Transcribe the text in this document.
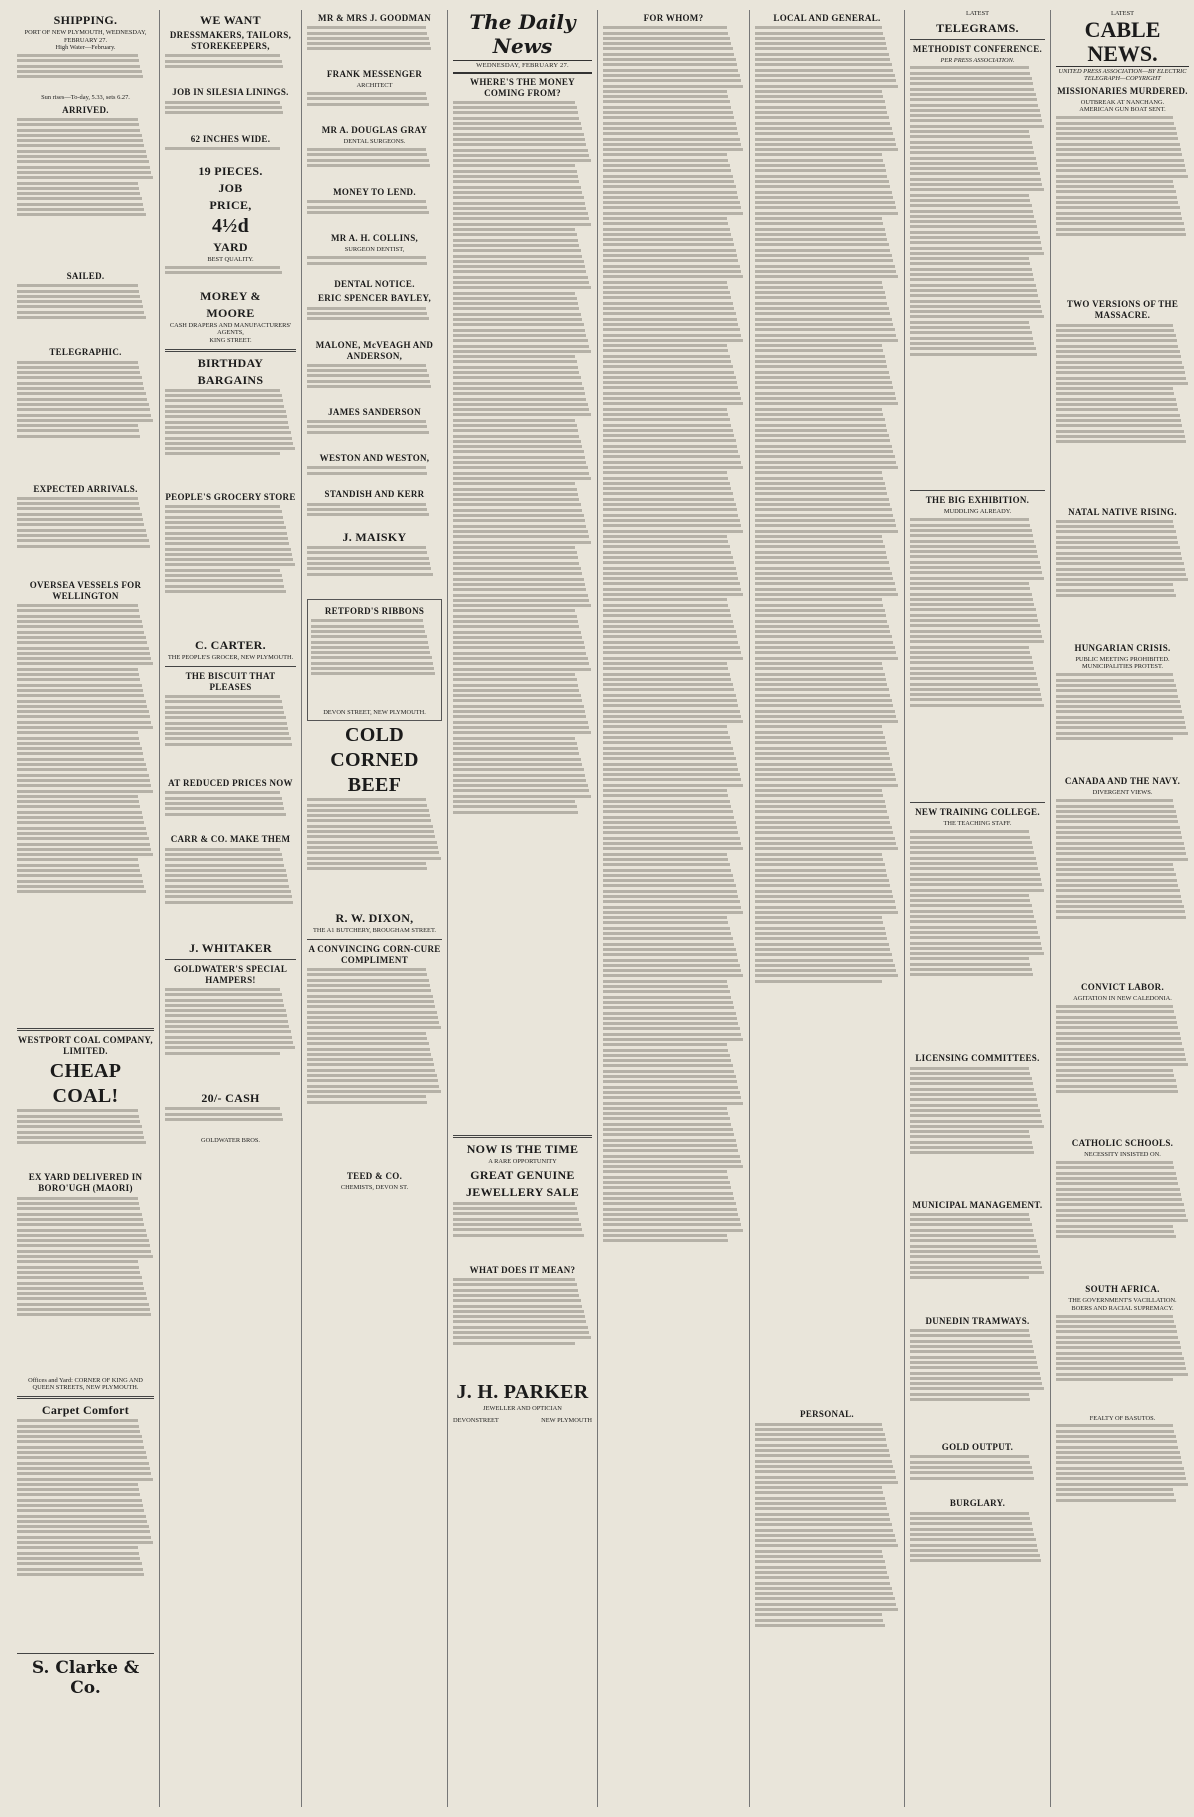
SHIPPING.
PORT OF NEW PLYMOUTH, WEDNESDAY, FEBRUARY 27.
High Water—February.
Sun rises—To-day, 5.33, sets 6.27.
ARRIVED.
SAILED.
TELEGRAPHIC.
EXPECTED ARRIVALS.
OVERSEA VESSELS FOR WELLINGTON
WESTPORT COAL COMPANY, LIMITED.
CHEAP
COAL!
EX YARD DELIVERED IN BORO'UGH (MAORI)
Offices and Yard: CORNER OF KING AND QUEEN STREETS, NEW PLYMOUTH.
Carpet Comfort
S. Clarke & Co.
WE WANT
DRESSMAKERS, TAILORS, STOREKEEPERS,
JOB IN SILESIA LININGS.
62 INCHES WIDE.
19 PIECES.
JOB
PRICE,
4½d
YARD
BEST QUALITY.
MOREY &
MOORE
CASH DRAPERS AND MANUFACTURERS' AGENTS,
KING STREET.
BIRTHDAY
BARGAINS
PEOPLE'S GROCERY STORE
C. CARTER.
THE PEOPLE'S GROCER, NEW PLYMOUTH.
THE BISCUIT THAT PLEASES
AT REDUCED PRICES NOW
CARR & CO. MAKE THEM
J. WHITAKER
GOLDWATER'S SPECIAL HAMPERS!
20/- CASH
GOLDWATER BROS.
MR & MRS J. GOODMAN
FRANK MESSENGER
ARCHITECT
MR A. DOUGLAS GRAY
DENTAL SURGEONS.
MONEY TO LEND.
MR A. H. COLLINS,
SURGEON DENTIST,
DENTAL NOTICE.
ERIC SPENCER BAYLEY,
MALONE, McVEAGH AND ANDERSON,
JAMES SANDERSON
WESTON AND WESTON,
STANDISH AND KERR
J. MAISKY
RETFORD'S RIBBONS
DEVON STREET, NEW PLYMOUTH.
COLD
CORNED
BEEF
R. W. DIXON,
THE A1 BUTCHERY, BROUGHAM STREET.
A CONVINCING CORN-CURE COMPLIMENT
TEED & CO.
CHEMISTS, DEVON ST.
The Daily News
WEDNESDAY, FEBRUARY 27.
WHERE'S THE MONEY COMING FROM?
NOW IS THE TIME
A RARE OPPORTUNITY
GREAT GENUINE
JEWELLERY SALE
WHAT DOES IT MEAN?
J. H. PARKER
JEWELLER AND OPTICIAN
DEVONSTREET	NEW PLYMOUTH
FOR WHOM?	LOCAL AND GENERAL.
PERSONAL.
LATEST
TELEGRAMS.
METHODIST CONFERENCE.
PER PRESS ASSOCIATION.
THE BIG EXHIBITION.
MUDDLING ALREADY.
NEW TRAINING COLLEGE.
THE TEACHING STAFF.
LICENSING COMMITTEES.
MUNICIPAL MANAGEMENT.
DUNEDIN TRAMWAYS.
GOLD OUTPUT.
BURGLARY.
LATEST
CABLE NEWS.
UNITED PRESS ASSOCIATION—BY ELECTRIC TELEGRAPH—COPYRIGHT
MISSIONARIES MURDERED.
OUTBREAK AT NANCHANG.
AMERICAN GUN BOAT SENT.
TWO VERSIONS OF THE MASSACRE.
NATAL NATIVE RISING.
HUNGARIAN CRISIS.
PUBLIC MEETING PROHIBITED.
MUNICIPALITIES PROTEST.
CANADA AND THE NAVY.
DIVERGENT VIEWS.
CONVICT LABOR.
AGITATION IN NEW CALEDONIA.
CATHOLIC SCHOOLS.
NECESSITY INSISTED ON.
SOUTH AFRICA.
THE GOVERNMENT'S VACILLATION.
BOERS AND RACIAL SUPREMACY.
FEALTY OF BASUTOS.
